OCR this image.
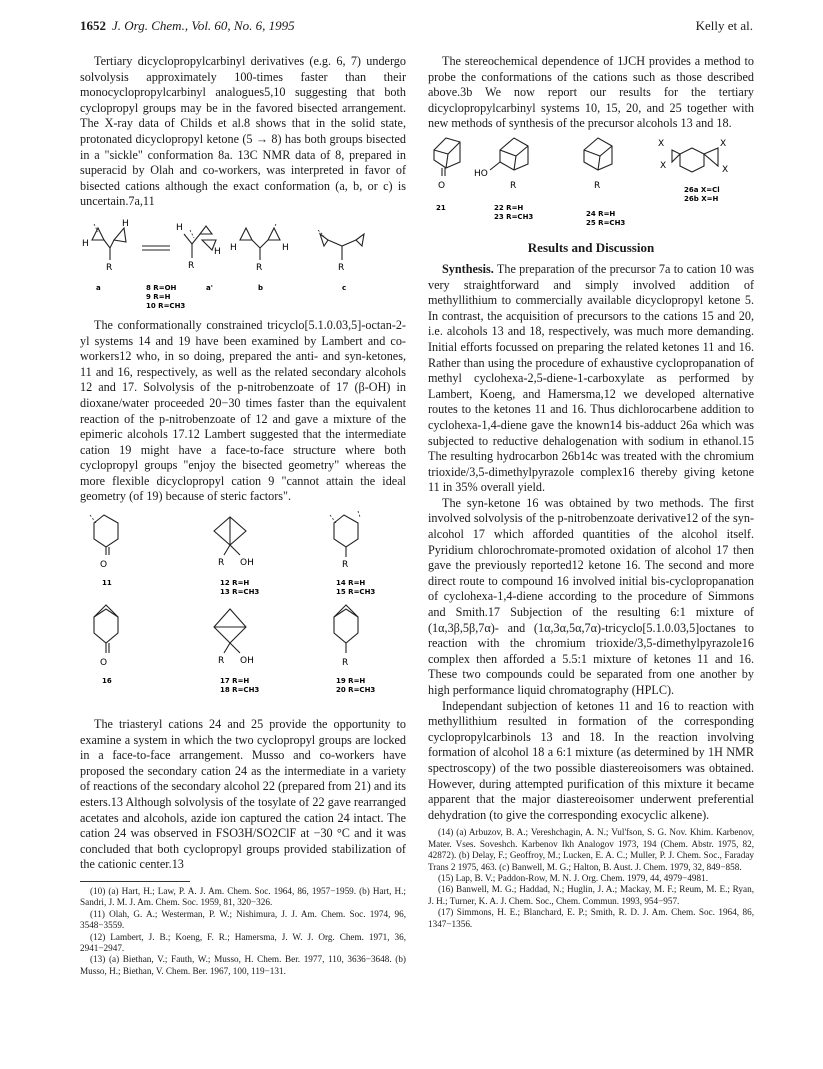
1652 J. Org. Chem., Vol. 60, No. 6, 1995	Kelly et al.

Tertiary dicyclopropylcarbinyl derivatives (e.g. 6, 7) undergo solvolysis approximately 100-times faster than their monocyclopropylcarbinyl analogues5,10 suggesting that both cyclopropyl groups may be in the favored bisected arrangement. The X-ray data of Childs et al.8 shows that in the solid state, protonated dicyclopropyl ketone (5 → 8) has both groups bisected in a "sickle" conformation 8a. 13C NMR data of 8, prepared in superacid by Olah and co-workers, was interpreted in favor of bisected cations although the exact conformation (a, b, or c) is uncertain.7a,11

H
H
R
H
H
R
H	H
R	R
a	8 R=OH
9 R=H
10 R=CH3
a'	b	c

The conformationally constrained tricyclo[5.1.0.03,5]-octan-2-yl systems 14 and 19 have been examined by Lambert and co-workers12 who, in so doing, prepared the anti- and syn-ketones, 11 and 16, respectively, as well as the related secondary alcohols 12 and 17. Solvolysis of the p-nitrobenzoate of 17 (β-OH) in dioxane/water proceeded 20−30 times faster than the equivalent reaction of the p-nitrobenzoate of 12 and gave a mixture of the epimeric alcohols 17.12 Lambert suggested that the intermediate cation 19 might have a face-to-face structure where both cyclopropyl groups "enjoy the bisected geometry" whereas the more flexible dicyclopropyl cation 9 "cannot attain the ideal geometry (of 19) because of steric factors".

O	R OH	R
11	12 R=H
13 R=CH3
14 R=H
15 R=CH3
O	R OH	R
16	17 R=H
18 R=CH3
19 R=H
20 R=CH3

The triasteryl cations 24 and 25 provide the opportunity to examine a system in which the two cyclopropyl groups are locked in a face-to-face arrangement. Musso and co-workers have proposed the secondary cation 24 as the intermediate in a variety of reactions of the secondary alcohol 22 (prepared from 21) and its esters.13 Although solvolysis of the tosylate of 22 gave rearranged acetates and alcohols, azide ion captured the cation 24 intact. The cation 24 was observed in FSO3H/SO2ClF at −30 °C and it was concluded that both cyclopropyl groups provided stabilization of the cationic center.13

(10) (a) Hart, H.; Law, P. A. J. Am. Chem. Soc. 1964, 86, 1957−1959. (b) Hart, H.; Sandri, J. M. J. Am. Chem. Soc. 1959, 81, 320−326.

(11) Olah, G. A.; Westerman, P. W.; Nishimura, J. J. Am. Chem. Soc. 1974, 96, 3548−3559.

(12) Lambert, J. B.; Koeng, F. R.; Hamersma, J. W. J. Org. Chem. 1971, 36, 2941−2947.

(13) (a) Biethan, V.; Fauth, W.; Musso, H. Chem. Ber. 1977, 110, 3636−3648. (b) Musso, H.; Biethan, V. Chem. Ber. 1967, 100, 119−131.

The stereochemical dependence of 1JCH provides a method to probe the conformations of the cations such as those described above.3b We now report our results for the tertiary dicyclopropylcarbinyl systems 10, 15, 20, and 25 together with new methods of synthesis of the precursor alcohols 13 and 18.

O
HO
R	R
X
X
X
X
21	22 R=H
23 R=CH3	24 R=H
25 R=CH3
26a X=Cl
26b X=H
Results and Discussion

Synthesis. The preparation of the precursor 7a to cation 10 was very straightforward and simply involved addition of methyllithium to commercially available dicyclopropyl ketone 5. In contrast, the acquisition of precursors to the cations 15 and 20, i.e. alcohols 13 and 18, respectively, was much more demanding. Initial efforts focussed on preparing the related ketones 11 and 16. Rather than using the procedure of exhaustive cyclopropanation of methyl cyclohexa-2,5-diene-1-carboxylate as performed by Lambert, Koeng, and Hamersma,12 we developed alternative routes to the ketones 11 and 16. Thus dichlorocarbene addition to cyclohexa-1,4-diene gave the known14 bis-adduct 26a which was subjected to reductive dehalogenation with sodium in ethanol.15 The resulting hydrocarbon 26b14c was treated with the chromium trioxide/3,5-dimethylpyrazole complex16 thereby giving ketone 11 in 35% overall yield.

The syn-ketone 16 was obtained by two methods. The first involved solvolysis of the p-nitrobenzoate derivative12 of the syn-alcohol 17 which afforded quantities of the alcohol itself. Pyridium chlorochromate-promoted oxidation of alcohol 17 then gave the previously reported12 ketone 16. The second and more direct route to compound 16 involved initial bis-cyclopropanation of cyclohexa-1,4-diene according to the procedure of Simmons and Smith.17 Subjection of the resulting 6:1 mixture of (1α,3β,5β,7α)- and (1α,3α,5α,7α)-tricyclo[5.1.0.03,5]octanes to reaction with the chromium trioxide/3,5-dimethylpyrazole16 complex then afforded a 5.5:1 mixture of ketones 11 and 16. These two compounds could be separated from one another by high performance liquid chromatography (HPLC).

Independant subjection of ketones 11 and 16 to reaction with methyllithium resulted in formation of the corresponding cyclopropylcarbinols 13 and 18. In the reaction involving formation of alcohol 18 a 6:1 mixture (as determined by 1H NMR spectroscopy) of the two possible diastereoisomers was obtained. However, during attempted purification of this mixture it became apparent that the major diastereoisomer underwent preferential dehydration (to give the corresponding exocyclic alkene).

(14) (a) Arbuzov, B. A.; Vereshchagin, A. N.; Vul'fson, S. G. Nov. Khim. Karbenov, Mater. Vses. Soveshch. Karbenov Ikh Analogov 1973, 194 (Chem. Abstr. 1975, 82, 42872). (b) Delay, F.; Geoffroy, M.; Lucken, E. A. C.; Muller, P. J. Chem. Soc., Faraday Trans 2 1975, 463. (c) Banwell, M. G.; Halton, B. Aust. J. Chem. 1979, 32, 849−858.

(15) Lap, B. V.; Paddon-Row, M. N. J. Org. Chem. 1979, 44, 4979−4981.

(16) Banwell, M. G.; Haddad, N.; Huglin, J. A.; Mackay, M. F.; Reum, M. E.; Ryan, J. H.; Turner, K. A. J. Chem. Soc., Chem. Commun. 1993, 954−957.

(17) Simmons, H. E.; Blanchard, E. P.; Smith, R. D. J. Am. Chem. Soc. 1964, 86, 1347−1356.
